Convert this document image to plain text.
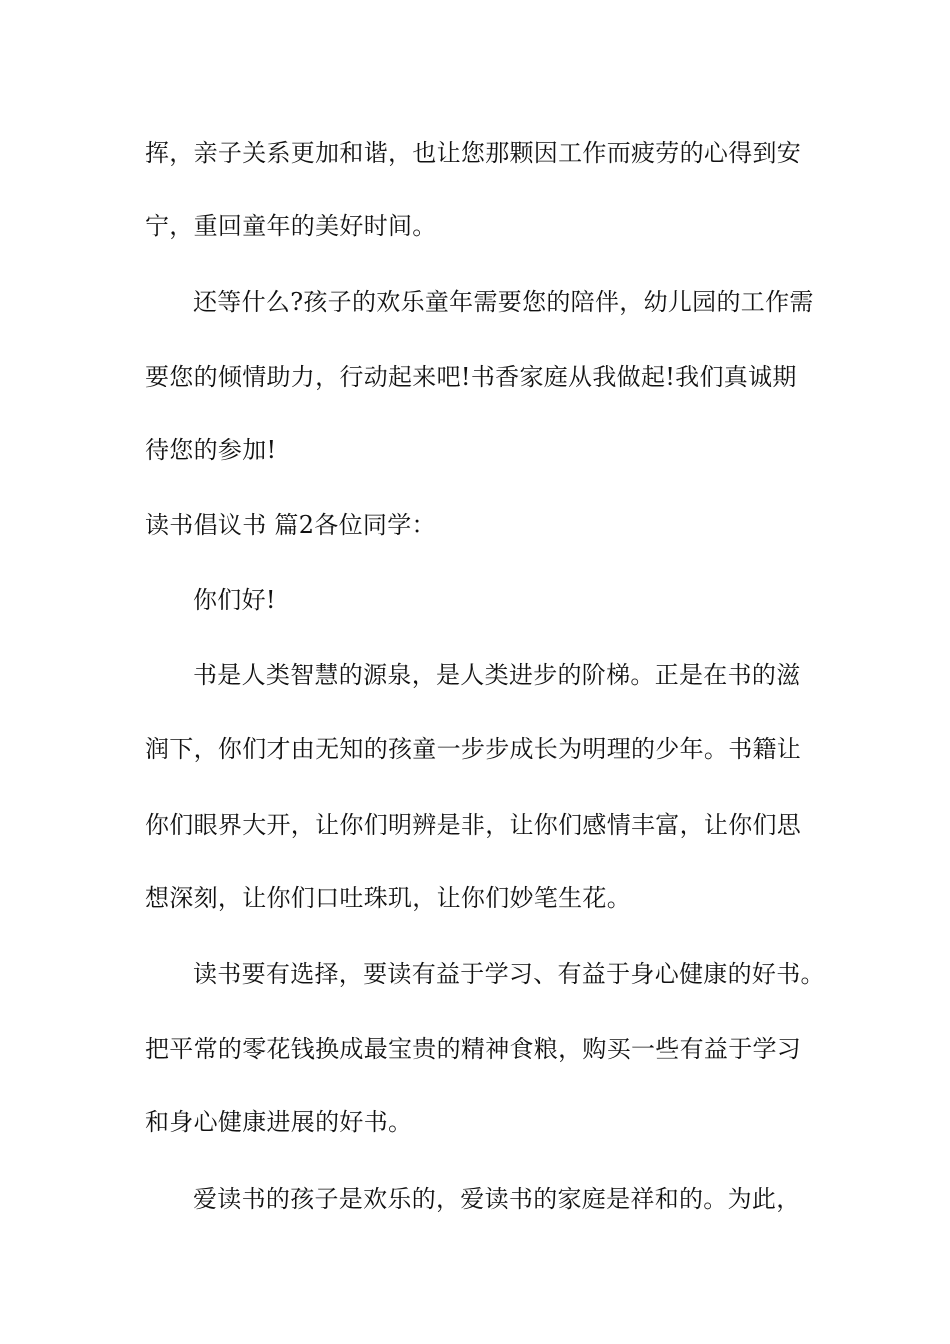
挥，亲子关系更加和谐，也让您那颗因工作而疲劳的心得到安
宁，重回童年的美好时间。
还等什么?孩子的欢乐童年需要您的陪伴，幼儿园的工作需
要您的倾情助力，行动起来吧!书香家庭从我做起!我们真诚期
待您的参加!
读书倡议书 篇2各位同学：
你们好!
书是人类智慧的源泉，是人类进步的阶梯。正是在书的滋
润下，你们才由无知的孩童一步步成长为明理的少年。书籍让
你们眼界大开，让你们明辨是非，让你们感情丰富，让你们思
想深刻，让你们口吐珠玑，让你们妙笔生花。
读书要有选择，要读有益于学习、有益于身心健康的好书。
把平常的零花钱换成最宝贵的精神食粮，购买一些有益于学习
和身心健康进展的好书。
爱读书的孩子是欢乐的，爱读书的家庭是祥和的。为此，
